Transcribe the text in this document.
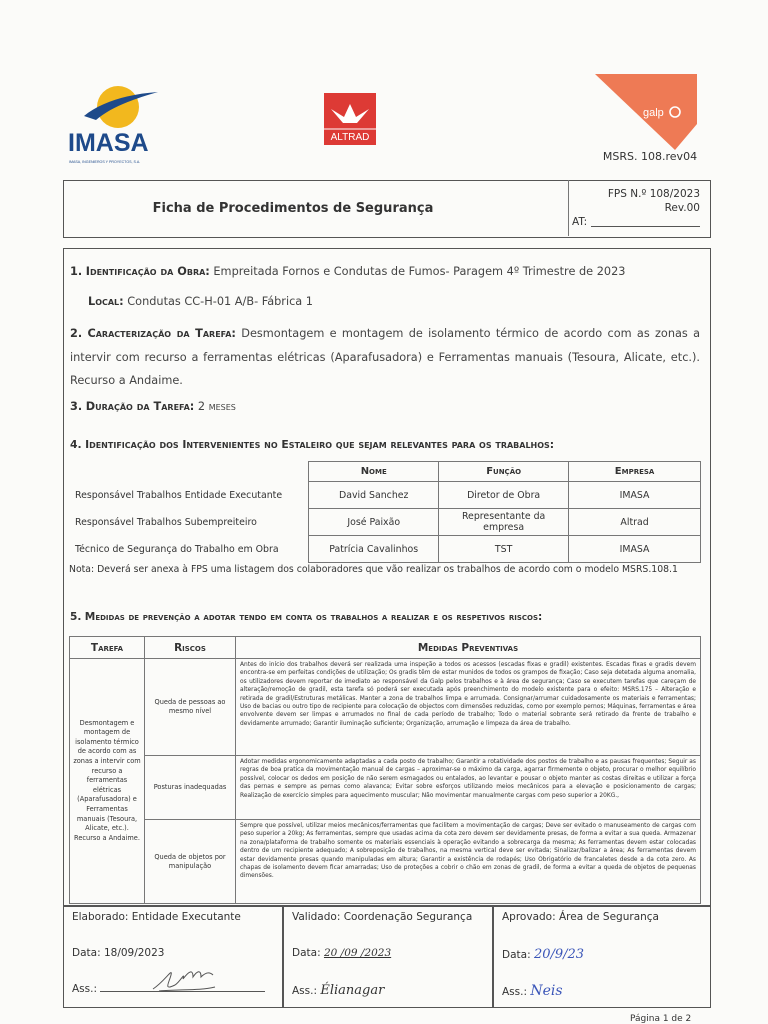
IMASA
IMASA, INGENIEROS Y PROYECTOS, S.A.
ALTRAD
galp
MSRS. 108.rev04
Ficha de Procedimentos de Segurança
FPS N.º 108/2023
Rev.00
AT:
1. Identificação da Obra: Empreitada Fornos e Condutas de Fumos- Paragem 4º Trimestre de 2023
Local: Condutas CC-H-01 A/B- Fábrica 1
2. Caracterização da Tarefa: Desmontagem e montagem de isolamento térmico de acordo com as zonas a intervir com recurso a ferramentas elétricas (Aparafusadora) e Ferramentas manuais (Tesoura, Alicate, etc.). Recurso a Andaime.
3. Duração da Tarefa: 2 meses
4. Identificação dos Intervenientes no Estaleiro que sejam relevantes para os trabalhos:
	Nome	Função	Empresa
Responsável Trabalhos Entidade Executante	David Sanchez	Diretor de Obra	IMASA
Responsável Trabalhos Subempreiteiro	José Paixão	Representante da empresa	Altrad
Técnico de Segurança do Trabalho em Obra	Patrícia Cavalinhos	TST	IMASA
Nota: Deverá ser anexa à FPS uma listagem dos colaboradores que vão realizar os trabalhos de acordo com o modelo MSRS.108.1
5. Medidas de prevenção a adotar tendo em conta os trabalhos a realizar e os respetivos riscos:
Tarefa	Riscos	Medidas Preventivas
Desmontagem e montagem de isolamento térmico de acordo com as zonas a intervir com recurso a ferramentas elétricas (Aparafusadora) e Ferramentas manuais (Tesoura, Alicate, etc.). Recurso a Andaime.	Queda de pessoas ao mesmo nível	Antes do início dos trabalhos deverá ser realizada uma inspeção a todos os acessos (escadas fixas e gradil) existentes. Escadas fixas e gradis devem encontra-se em perfeitas condições de utilização; Os gradis têm de estar munidos de todos os grampos de fixação; Caso seja detetada alguma anomalia, os utilizadores devem reportar de imediato ao responsável da Galp pelos trabalhos e à área de segurança; Caso se executem tarefas que careçam de alteração/remoção de gradil, esta tarefa só poderá ser executada após preenchimento do modelo existente para o efeito: MSRS.175 – Alteração e retirada de gradil/Estruturas metálicas. Manter a zona de trabalhos limpa e arrumada. Consignar/arrumar cuidadosamente os materiais e ferramentas; Uso de bacias ou outro tipo de recipiente para colocação de objectos com dimensões reduzidas, como por exemplo pernos; Máquinas, ferramentas e área envolvente devem ser limpas e arrumados no final de cada período de trabalho; Todo o material sobrante será retirado da frente de trabalho e devidamente arrumado; Garantir iluminação suficiente; Organização, arrumação e limpeza da área de trabalho.
	Posturas inadequadas	Adotar medidas ergonomicamente adaptadas a cada posto de trabalho; Garantir a rotatividade dos postos de trabalho e as pausas frequentes; Seguir as regras de boa pratica da movimentação manual de cargas – aproximar-se o máximo da carga, agarrar firmemente o objeto, procurar o melhor equilíbrio possível, colocar os dedos em posição de não serem esmagados ou entalados, ao levantar e pousar o objeto manter as costas direitas e utilizar a força das pernas e sempre as pernas como alavanca; Evitar sobre esforços utilizando meios mecânicos para a elevação e posicionamento de cargas; Realização de exercício simples para aquecimento muscular; Não movimentar manualmente cargas com peso superior a 20KG.,
	Queda de objetos por manipulação	Sempre que possível, utilizar meios mecânicos/ferramentas que facilitem a movimentação de cargas; Deve ser evitado o manuseamento de cargas com peso superior a 20kg; As ferramentas, sempre que usadas acima da cota zero devem ser devidamente presas, de forma a evitar a sua queda. Armazenar na zona/plataforma de trabalho somente os materiais essenciais à operação evitando a sobrecarga da mesma; As ferramentas devem estar colocadas dentro de um recipiente adequado; A sobreposição de trabalhos, na mesma vertical deve ser evitada; Sinalizar/balizar a área; As ferramentas devem estar devidamente presas quando manipuladas em altura; Garantir a existência de rodapés; Uso Obrigatório de francaletes desde a da cota zero. As chapas de isolamento devem ficar amarradas; Uso de proteções a cobrir o chão em zonas de gradil, de forma a evitar a queda de objetos de pequenas dimensões.
Elaborado: Entidade Executante
Data: 18/09/2023
Ass.:
Validado: Coordenação Segurança
Data: 20 /09 /2023
Ass.: Élianagar
Aprovado: Área de Segurança
Data: 20/9/23
Ass.: Neis
Página 1 de 2
